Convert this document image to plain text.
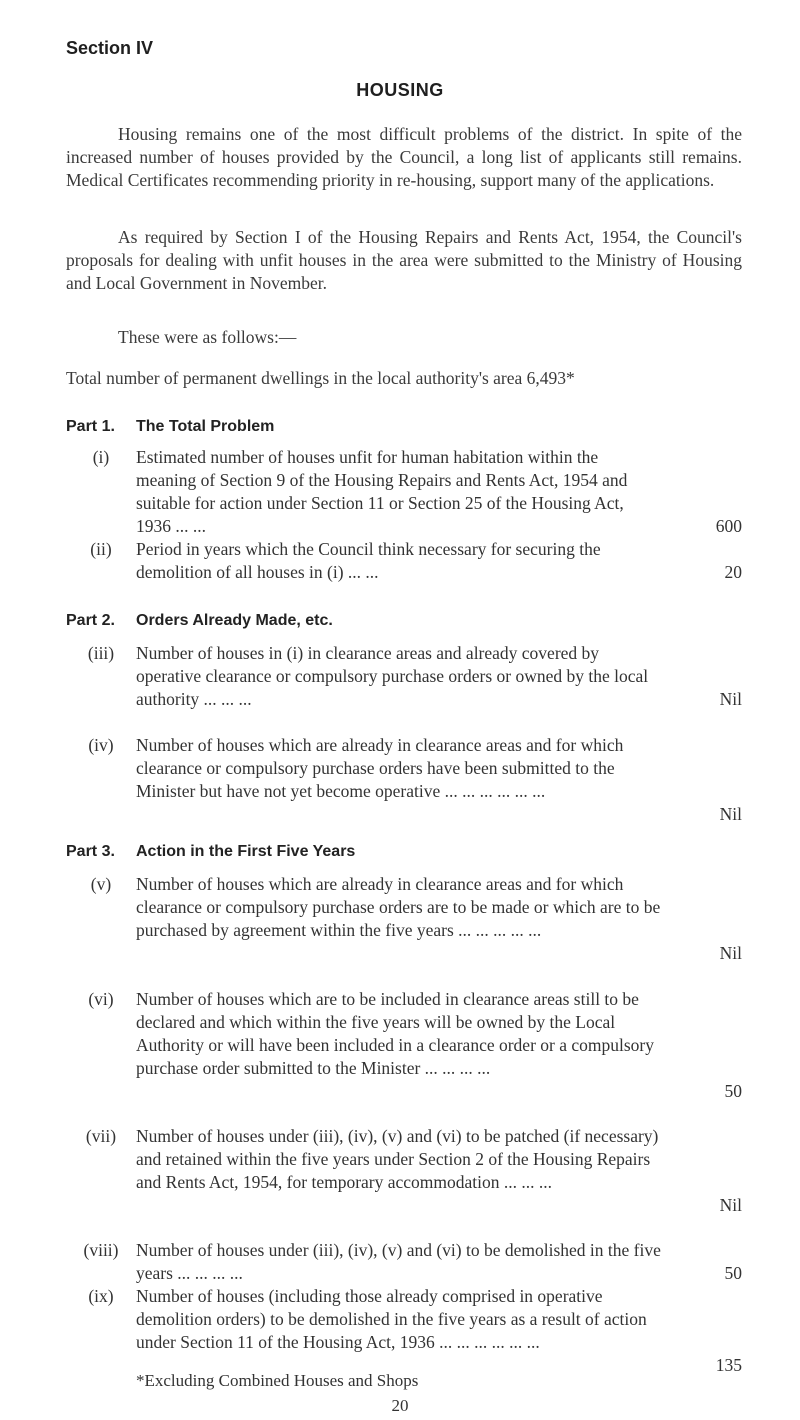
Section IV
HOUSING
Housing remains one of the most difficult problems of the district. In spite of the increased number of houses provided by the Council, a long list of applicants still remains. Medical Certificates recommending priority in re-housing, support many of the applications.
As required by Section I of the Housing Repairs and Rents Act, 1954, the Council's proposals for dealing with unfit houses in the area were submitted to the Ministry of Housing and Local Government in November.
These were as follows:—
Total number of permanent dwellings in the local authority's area 6,493*
Part 1. The Total Problem
(i)	Estimated number of houses unfit for human habitation within the meaning of Section 9 of the Housing Repairs and Rents Act, 1954 and suitable for action under Section 11 or Section 25 of the Housing Act, 1936 ... ...	600
(ii)	Period in years which the Council think necessary for securing the demolition of all houses in (i) ... ...	20
Part 2. Orders Already Made, etc.
(iii)	Number of houses in (i) in clearance areas and already covered by operative clearance or compulsory purchase orders or owned by the local authority ... ... ...	Nil
(iv)	Number of houses which are already in clearance areas and for which clearance or compulsory purchase orders have been submitted to the Minister but have not yet become operative ... ... ... ... ... ...
Nil
Part 3. Action in the First Five Years
(v)	Number of houses which are already in clearance areas and for which clearance or compulsory purchase orders are to be made or which are to be purchased by agreement within the five years ... ... ... ... ...
Nil
(vi)	Number of houses which are to be included in clearance areas still to be declared and which within the five years will be owned by the Local Authority or will have been included in a clearance order or a compulsory purchase order submitted to the Minister ... ... ... ...
50
(vii)	Number of houses under (iii), (iv), (v) and (vi) to be patched (if necessary) and retained within the five years under Section 2 of the Housing Repairs and Rents Act, 1954, for temporary accommodation ... ... ...
Nil
(viii)	Number of houses under (iii), (iv), (v) and (vi) to be demolished in the five years ... ... ... ...	50
(ix)	Number of houses (including those already comprised in operative demolition orders) to be demolished in the five years as a result of action under Section 11 of the Housing Act, 1936 ... ... ... ... ... ...
135
*Excluding Combined Houses and Shops
20
